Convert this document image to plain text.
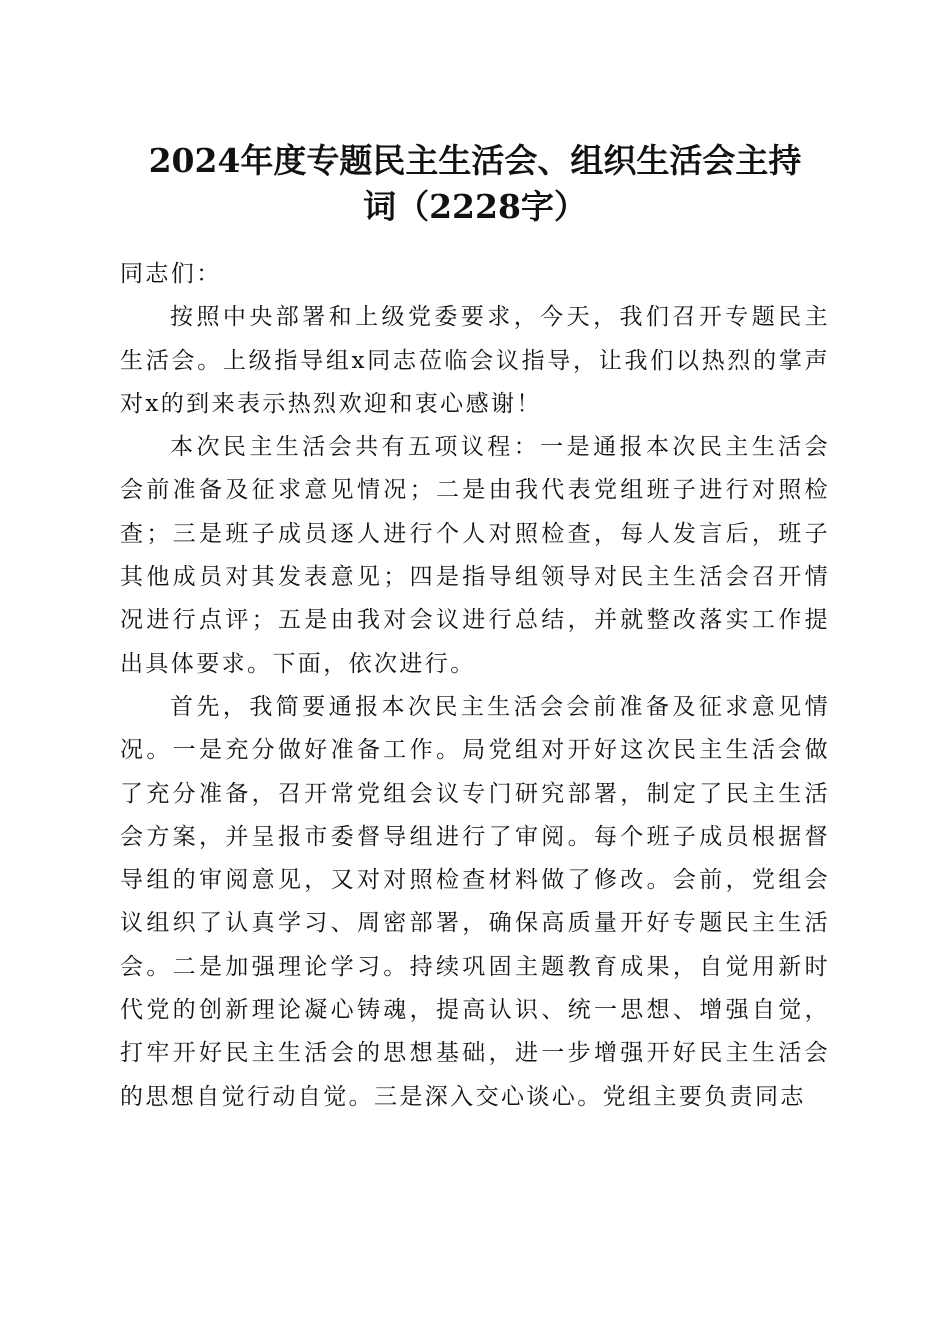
2024年度专题民主生活会、组织生活会主持
词（2228字）

同志们：

按照中央部署和上级党委要求，今天，我们召开专题民主生活会。上级指导组x同志莅临会议指导，让我们以热烈的掌声对x的到来表示热烈欢迎和衷心感谢！

本次民主生活会共有五项议程：一是通报本次民主生活会会前准备及征求意见情况；二是由我代表党组班子进行对照检查；三是班子成员逐人进行个人对照检查，每人发言后，班子其他成员对其发表意见；四是指导组领导对民主生活会召开情况进行点评；五是由我对会议进行总结，并就整改落实工作提出具体要求。下面，依次进行。

首先，我简要通报本次民主生活会会前准备及征求意见情况。一是充分做好准备工作。局党组对开好这次民主生活会做了充分准备，召开常党组会议专门研究部署，制定了民主生活会方案，并呈报市委督导组进行了审阅。每个班子成员根据督导组的审阅意见，又对对照检查材料做了修改。会前，党组会议组织了认真学习、周密部署，确保高质量开好专题民主生活会。二是加强理论学习。持续巩固主题教育成果，自觉用新时代党的创新理论凝心铸魂，提高认识、统一思想、增强自觉，打牢开好民主生活会的思想基础，进一步增强开好民主生活会的思想自觉行动自觉。三是深入交心谈心。党组主要负责同志
